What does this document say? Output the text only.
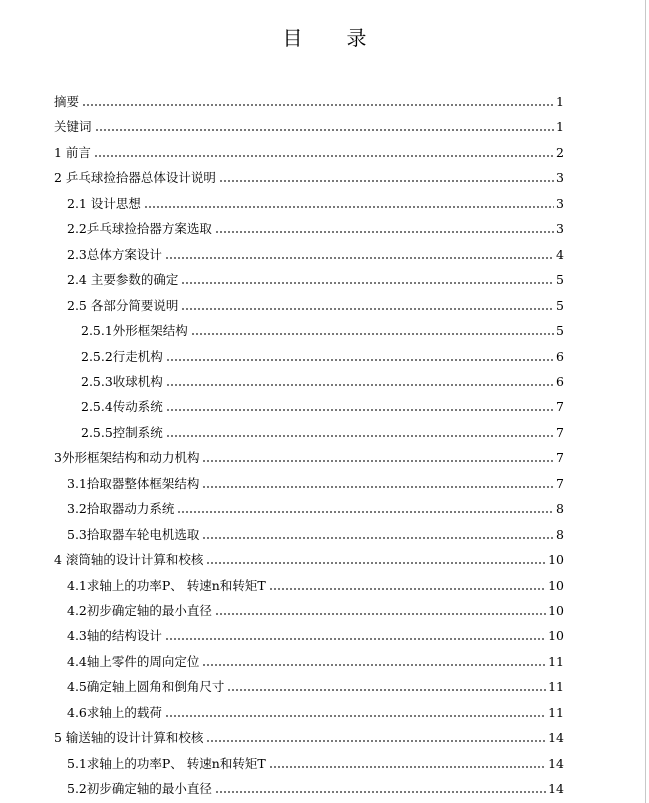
目 录
摘要	1
关键词	1
1 前言	2
2 乒乓球捡拾器总体设计说明	3
2.1 设计思想	3
2.2乒乓球捡拾器方案选取	3
2.3总体方案设计	4
2.4 主要参数的确定	5
2.5 各部分简要说明	5
2.5.1外形框架结构	5
2.5.2行走机构	6
2.5.3收球机构	6
2.5.4传动系统	7
2.5.5控制系统	7
3外形框架结构和动力机构	7
3.1拾取器整体框架结构	7
3.2拾取器动力系统	8
5.3拾取器车轮电机选取	8
4 滚筒轴的设计计算和校核	10
4.1求轴上的功率P、 转速n和转矩T	10
4.2初步确定轴的最小直径	10
4.3轴的结构设计	10
4.4轴上零件的周向定位	11
4.5确定轴上圆角和倒角尺寸	11
4.6求轴上的载荷	11
5 输送轴的设计计算和校核	14
5.1求轴上的功率P、 转速n和转矩T	14
5.2初步确定轴的最小直径	14
